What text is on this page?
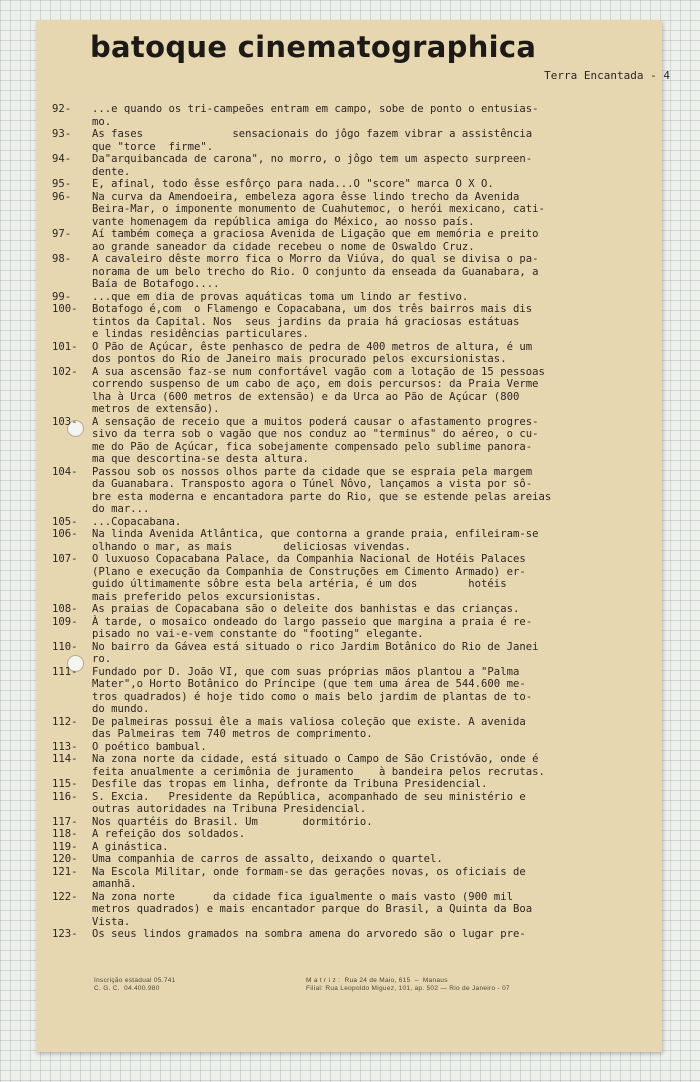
batoque cinematographica
Terra Encantada - 4
92-	...e quando os tri-campeões entram em campo, sobe de ponto o entusias-
mo.
93-	As fases              sensacionais do jôgo fazem vibrar a assistência
que "torce  firme".
94-	Da"arquibancada de carona", no morro, o jôgo tem um aspecto surpreen-
dente.
95-	E, afinal, todo êsse esfôrço para nada...O "score" marca O X O.
96-	Na curva da Amendoeira, embeleza agora êsse lindo trecho da Avenida
Beira-Mar, o imponente monumento de Cuahutemoc, o herói mexicano, cati-
vante homenagem da república amiga do México, ao nosso país.
97-	Aí também começa a graciosa Avenida de Ligação que em memória e preito
ao grande saneador da cidade recebeu o nome de Oswaldo Cruz.
98-	A cavaleiro dêste morro fica o Morro da Viúva, do qual se divisa o pa-
norama de um belo trecho do Rio. O conjunto da enseada da Guanabara, a
Baía de Botafogo....
99-	...que em dia de provas aquáticas toma um lindo ar festivo.
100-	Botafogo é,com  o Flamengo e Copacabana, um dos três bairros mais dis
tintos da Capital. Nos  seus jardins da praia há graciosas estátuas
e lindas residências particulares.
101-	O Pão de Açúcar, êste penhasco de pedra de 400 metros de altura, é um
dos pontos do Rio de Janeiro mais procurado pelos excursionistas.
102-	A sua ascensão faz-se num confortável vagão com a lotação de 15 pessoas
correndo suspenso de um cabo de aço, em dois percursos: da Praia Verme
lha à Urca (600 metros de extensão) e da Urca ao Pão de Açúcar (800
metros de extensão).
103-	A sensação de receio que a muitos poderá causar o afastamento progres-
sivo da terra sob o vagão que nos conduz ao "terminus" do aéreo, o cu-
me do Pão de Açúcar, fica sobejamente compensado pelo sublime panora-
ma que descortina-se desta altura.
104-	Passou sob os nossos olhos parte da cidade que se espraia pela margem
da Guanabara. Transposto agora o Túnel Nôvo, lançamos a vista por sô-
bre esta moderna e encantadora parte do Rio, que se estende pelas areias
do mar...
105-	...Copacabana.
106-	Na linda Avenida Atlântica, que contorna a grande praia, enfileiram-se
olhando o mar, as mais        deliciosas vivendas.
107-	O luxuoso Copacabana Palace, da Companhia Nacional de Hotéis Palaces
(Plano e execução da Companhia de Construções em Cimento Armado) er-
guido últimamente sôbre esta bela artéria, é um dos        hotéis
mais preferido pelos excursionistas.
108-	As praias de Copacabana são o deleite dos banhistas e das crianças.
109-	À tarde, o mosaico ondeado do largo passeio que margina a praia é re-
pisado no vai-e-vem constante do "footing" elegante.
110-	No bairro da Gávea está situado o rico Jardim Botânico do Rio de Janei
ro.
111-	Fundado por D. João VI, que com suas próprias mãos plantou a "Palma
Mater",o Horto Botânico do Príncipe (que tem uma área de 544.600 me-
tros quadrados) é hoje tido como o mais belo jardim de plantas de to-
do mundo.
112-	De palmeiras possui êle a mais valiosa coleção que existe. A avenida
das Palmeiras tem 740 metros de comprimento.
113-	O poético bambual.
114-	Na zona norte da cidade, está situado o Campo de São Cristóvão, onde é
feita anualmente a cerimônia de juramento    à bandeira pelos recrutas.
115-	Desfile das tropas em linha, defronte da Tribuna Presidencial.
116-	S. Excia.   Presidente da República, acompanhado de seu ministério e
outras autoridades na Tribuna Presidencial.
117-	Nos quartéis do Brasil. Um       dormitório.
118-	A refeição dos soldados.
119-	A ginástica.
120-	Uma companhia de carros de assalto, deixando o quartel.
121-	Na Escola Militar, onde formam-se das gerações novas, os oficiais de
amanhã.
122-	Na zona norte      da cidade fica igualmente o mais vasto (900 mil
metros quadrados) e mais encantador parque do Brasil, a Quinta da Boa
Vista.
123-	Os seus lindos gramados na sombra amena do arvoredo são o lugar pre-
Inscrição estadual 05.741
C. G. C.  04.400.980
M a t r i z :  Rua 24 de Maio, 615  –  Manaus
Filial: Rua Leopoldo Miguez, 101, ap. 502 — Rio de Janeiro - 07
